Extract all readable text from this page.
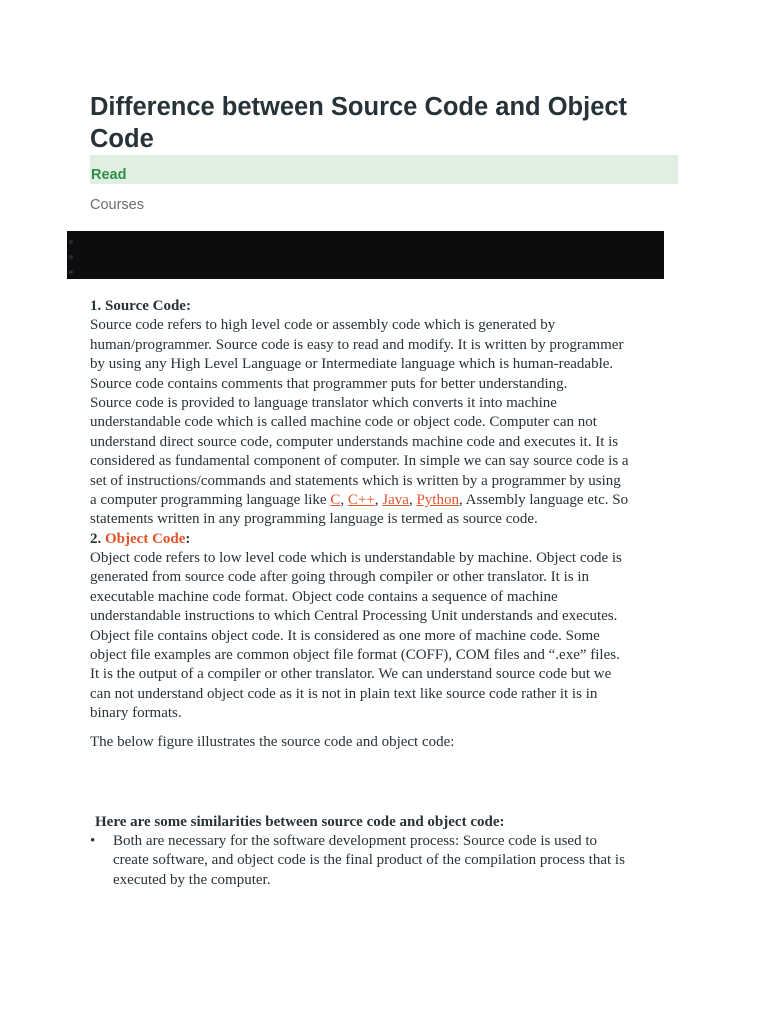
Difference between Source Code and Object
Code
Read
Courses
1. Source Code:
Source code refers to high level code or assembly code which is generated by
human/programmer. Source code is easy to read and modify. It is written by programmer
by using any High Level Language or Intermediate language which is human-readable.
Source code contains comments that programmer puts for better understanding.
Source code is provided to language translator which converts it into machine
understandable code which is called machine code or object code. Computer can not
understand direct source code, computer understands machine code and executes it. It is
considered as fundamental component of computer. In simple we can say source code is a
set of instructions/commands and statements which is written by a programmer by using
a computer programming language like C, C++, Java, Python, Assembly language etc. So
statements written in any programming language is termed as source code.
2. Object Code:
Object code refers to low level code which is understandable by machine. Object code is
generated from source code after going through compiler or other translator. It is in
executable machine code format. Object code contains a sequence of machine
understandable instructions to which Central Processing Unit understands and executes.
Object file contains object code. It is considered as one more of machine code. Some
object file examples are common object file format (COFF), COM files and “.exe” files.
It is the output of a compiler or other translator. We can understand source code but we
can not understand object code as it is not in plain text like source code rather it is in
binary formats.

The below figure illustrates the source code and object code:

Here are some similarities between source code and object code:

• Both are necessary for the software development process: Source code is used to
create software, and object code is the final product of the compilation process that is
executed by the computer.
